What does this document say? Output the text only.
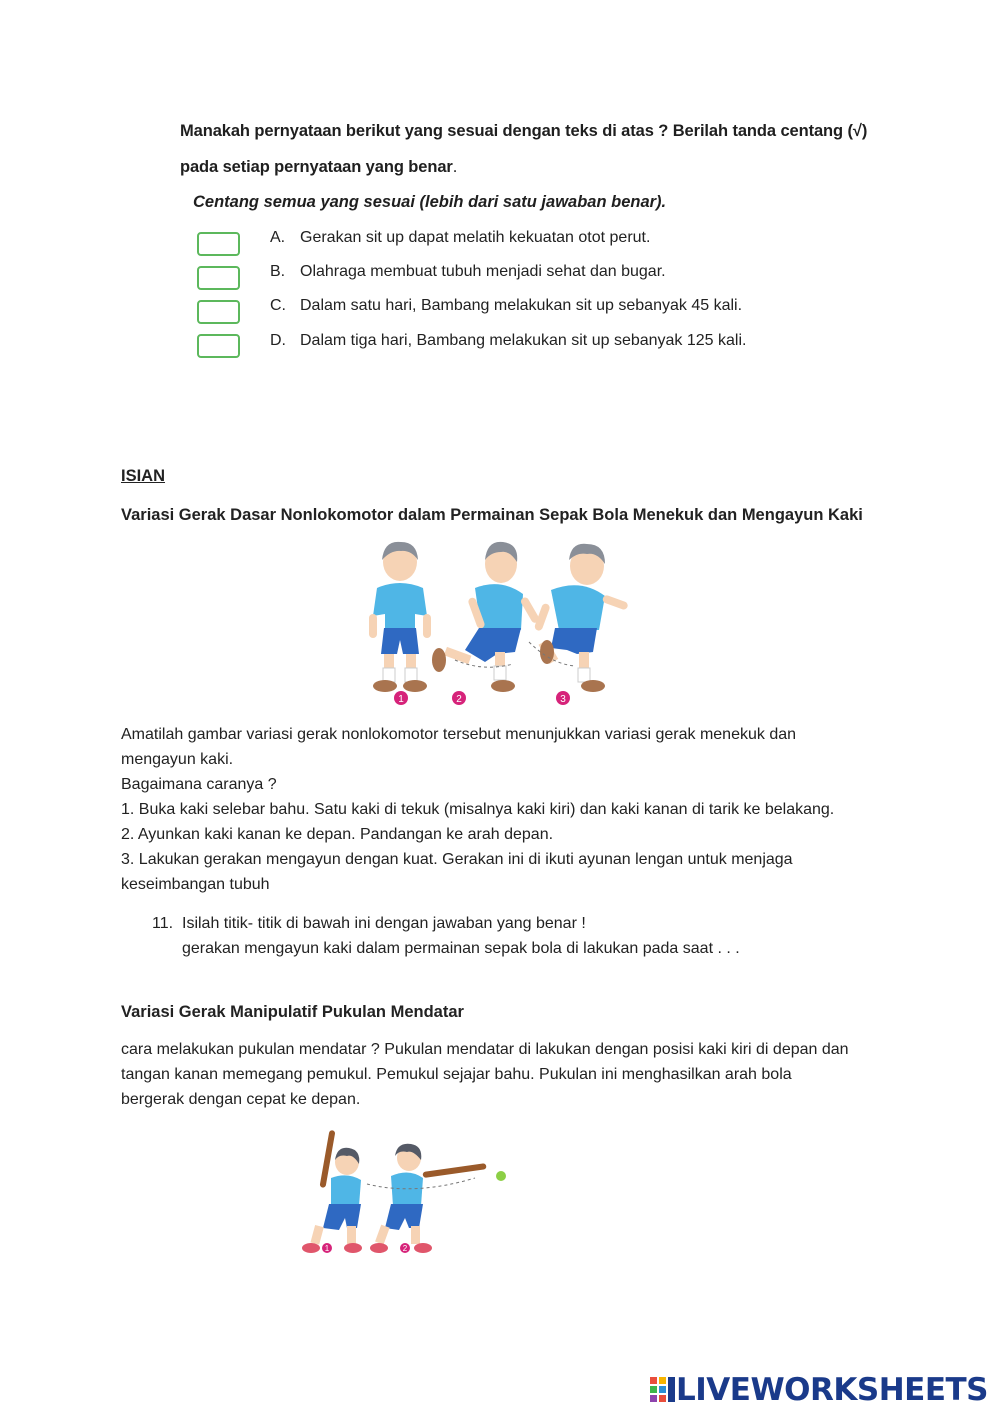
Manakah pernyataan berikut yang sesuai dengan teks di atas ? Berilah tanda centang (√)
pada setiap pernyataan yang benar.
Centang semua yang sesuai (lebih dari satu jawaban benar).
A. Gerakan sit up dapat melatih kekuatan otot perut.
B. Olahraga membuat tubuh menjadi sehat dan bugar.
C. Dalam satu hari, Bambang melakukan sit up sebanyak 45 kali.
D. Dalam tiga hari, Bambang melakukan sit up sebanyak 125 kali.
ISIAN
Variasi Gerak Dasar Nonlokomotor dalam Permainan Sepak Bola Menekuk dan Mengayun Kaki
1	2	3

Amatilah gambar variasi gerak nonlokomotor tersebut menunjukkan variasi gerak menekuk dan

mengayun kaki.

Bagaimana caranya ?

1. Buka kaki selebar bahu. Satu kaki di tekuk (misalnya kaki kiri) dan kaki kanan di tarik ke belakang.

2. Ayunkan kaki kanan ke depan. Pandangan ke arah depan.

3. Lakukan gerakan mengayun dengan kuat. Gerakan ini di ikuti ayunan lengan untuk menjaga

keseimbangan tubuh

11. Isilah titik- titik di bawah ini dengan jawaban yang benar !
gerakan mengayun kaki dalam permainan sepak bola di lakukan pada saat . . .
Variasi Gerak Manipulatif Pukulan Mendatar

cara melakukan pukulan mendatar ? Pukulan mendatar di lakukan dengan posisi kaki kiri di depan dan

tangan kanan memegang pemukul. Pemukul sejajar bahu. Pukulan ini menghasilkan arah bola

bergerak dengan cepat ke depan.

1	2
LIVEWORKSHEETS
